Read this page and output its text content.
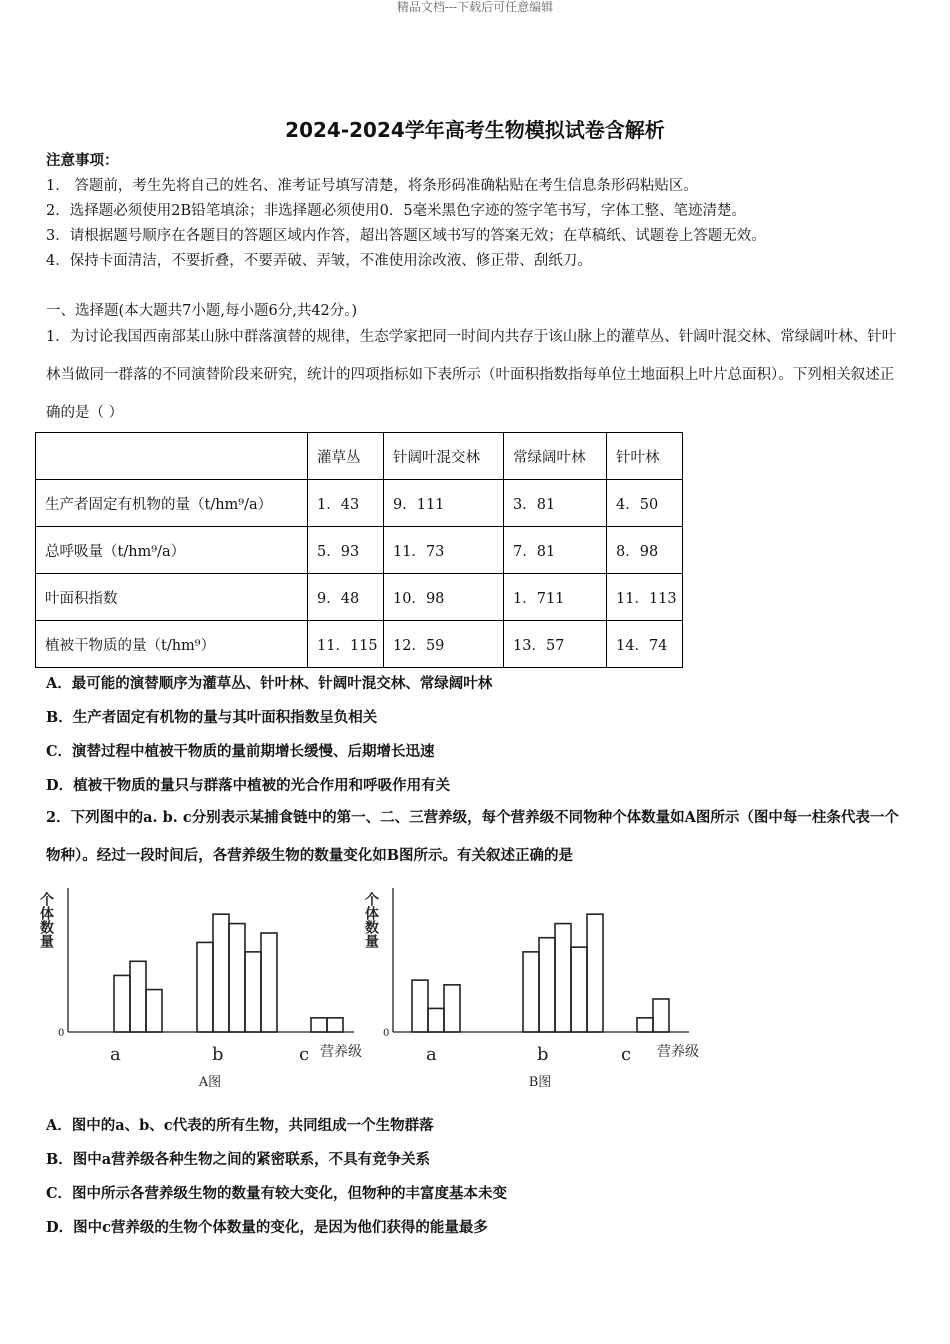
精品文档---下载后可任意编辑
2024-2024学年高考生物模拟试卷含解析
注意事项：
1． 答题前，考生先将自己的姓名、准考证号填写清楚，将条形码准确粘贴在考生信息条形码粘贴区。
2．选择题必须使用2B铅笔填涂；非选择题必须使用0．5毫米黑色字迹的签字笔书写，字体工整、笔迹清楚。
3．请根据题号顺序在各题目的答题区域内作答，超出答题区域书写的答案无效；在草稿纸、试题卷上答题无效。
4．保持卡面清洁，不要折叠，不要弄破、弄皱，不准使用涂改液、修正带、刮纸刀。
一、选择题(本大题共7小题,每小题6分,共42分。)
1．为讨论我国西南部某山脉中群落演替的规律，生态学家把同一时间内共存于该山脉上的灌草丛、针阔叶混交林、常绿阔叶林、针叶林当做同一群落的不同演替阶段来研究，统计的四项指标如下表所示（叶面积指数指每单位土地面积上叶片总面积）。下列相关叙述正确的是（ ）
	灌草丛	针阔叶混交林	常绿阔叶林	针叶林
生产者固定有机物的量（t/hm⁹/a）	1．43	9．111	3．81	4．50
总呼吸量（t/hm⁹/a）	5．93	11．73	7．81	8．98
叶面积指数	9．48	10．98	1．711	11．113
植被干物质的量（t/hm⁹）	11．115	12．59	13．57	14．74
A．最可能的演替顺序为灌草丛、针叶林、针阔叶混交林、常绿阔叶林
B．生产者固定有机物的量与其叶面积指数呈负相关
C．演替过程中植被干物质的量前期增长缓慢、后期增长迅速
D．植被干物质的量只与群落中植被的光合作用和呼吸作用有关
2．下列图中的a. b. c分别表示某捕食链中的第一、二、三营养级，每个营养级不同物种个体数量如A图所示（图中每一柱条代表一个物种）。经过一段时间后，各营养级生物的数量变化如B图所示。有关叙述正确的是
个体数量
0
a	b	c 营养级
A图
个体数量
0
a	b	c 营养级
B图
A．图中的a、b、c代表的所有生物，共同组成一个生物群落
B．图中a营养级各种生物之间的紧密联系，不具有竞争关系
C．图中所示各营养级生物的数量有较大变化，但物种的丰富度基本未变
D．图中c营养级的生物个体数量的变化，是因为他们获得的能量最多
